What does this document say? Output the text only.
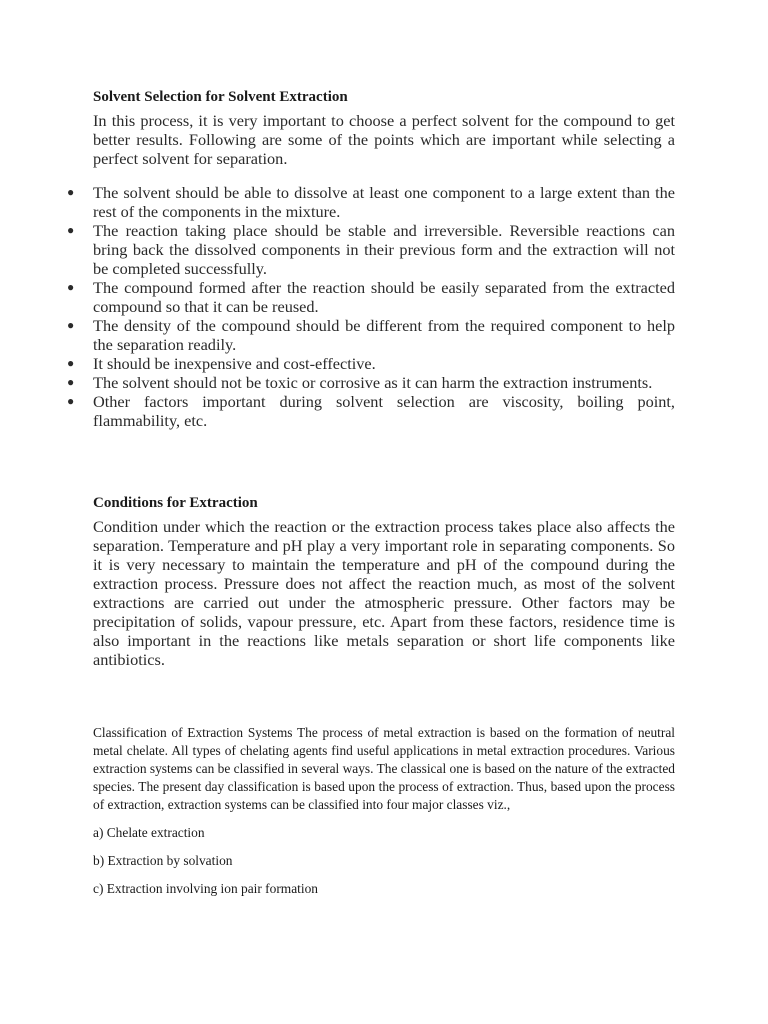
Solvent Selection for Solvent Extraction

In this process, it is very important to choose a perfect solvent for the compound to get better results. Following are some of the points which are important while selecting a perfect solvent for separation.

● The solvent should be able to dissolve at least one component to a large extent than the rest of the components in the mixture.
● The reaction taking place should be stable and irreversible. Reversible reactions can bring back the dissolved components in their previous form and the extraction will not be completed successfully.
● The compound formed after the reaction should be easily separated from the extracted compound so that it can be reused.
● The density of the compound should be different from the required component to help the separation readily.
● It should be inexpensive and cost-effective.
● The solvent should not be toxic or corrosive as it can harm the extraction instruments.
● Other factors important during solvent selection are viscosity, boiling point, flammability, etc.
Conditions for Extraction

Condition under which the reaction or the extraction process takes place also affects the separation. Temperature and pH play a very important role in separating components. So it is very necessary to maintain the temperature and pH of the compound during the extraction process. Pressure does not affect the reaction much, as most of the solvent extractions are carried out under the atmospheric pressure. Other factors may be precipitation of solids, vapour pressure, etc. Apart from these factors, residence time is also important in the reactions like metals separation or short life components like antibiotics.

Classification of Extraction Systems The process of metal extraction is based on the formation of neutral metal chelate. All types of chelating agents find useful applications in metal extraction procedures. Various extraction systems can be classified in several ways. The classical one is based on the nature of the extracted species. The present day classification is based upon the process of extraction. Thus, based upon the process of extraction, extraction systems can be classified into four major classes viz.,

a) Chelate extraction

b) Extraction by solvation

c) Extraction involving ion pair formation
